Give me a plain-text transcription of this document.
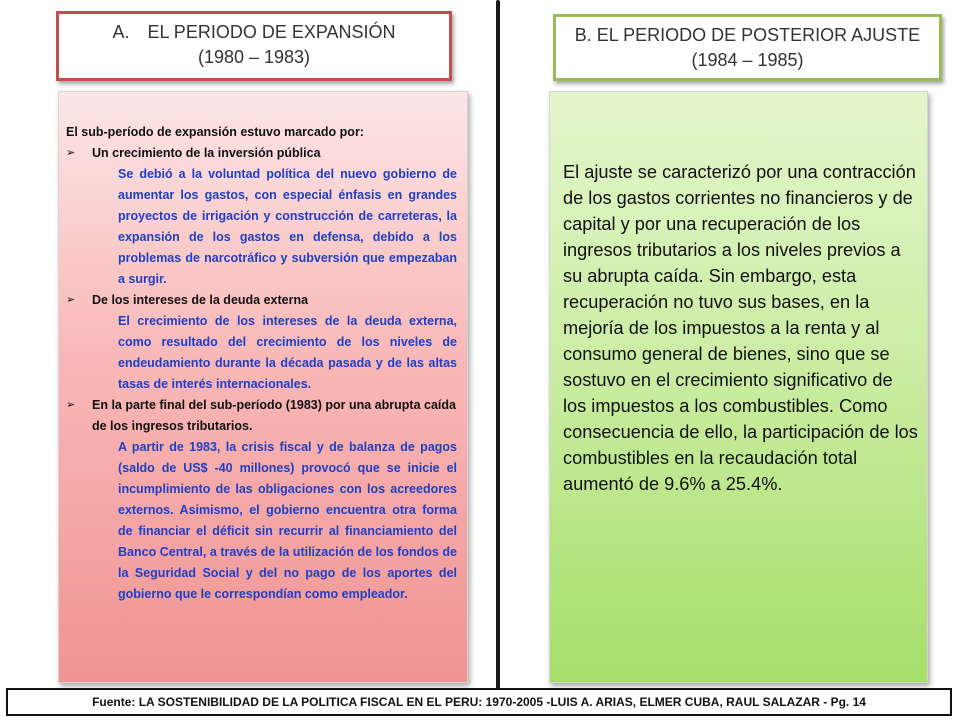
A. EL PERIODO DE EXPANSIÓN
(1980 – 1983)
B. EL PERIODO DE POSTERIOR AJUSTE
(1984 – 1985)
El sub-período de expansión estuvo marcado por:
➢	Un crecimiento de la inversión pública

Se debió a la voluntad política del nuevo gobierno de aumentar los gastos, con especial énfasis en grandes proyectos de irrigación y construcción de carreteras, la expansión de los gastos en defensa, debido a los problemas de narcotráfico y subversión que empezaban a surgir.

➢	De los intereses de la deuda externa

El crecimiento de los intereses de la deuda externa, como resultado del crecimiento de los niveles de endeudamiento durante la década pasada y de las altas tasas de interés internacionales.

➢	En la parte final del sub-período (1983) por una abrupta caída de los ingresos tributarios.

A partir de 1983, la crisis fiscal y de balanza de pagos (saldo de US$ -40 millones) provocó que se inicie el incumplimiento de las obligaciones con los acreedores externos. Asimismo, el gobierno encuentra otra forma de financiar el déficit sin recurrir al financiamiento del Banco Central, a través de la utilización de los fondos de la Seguridad Social y del no pago de los aportes del gobierno que le correspondían como empleador.

El ajuste se caracterizó por una contracción de los gastos corrientes no financieros y de capital y por una recuperación de los ingresos tributarios a los niveles previos a su abrupta caída. Sin embargo, esta recuperación no tuvo sus bases, en la mejoría de los impuestos a la renta y al consumo general de bienes, sino que se sostuvo en el crecimiento significativo de los impuestos a los combustibles. Como consecuencia de ello, la participación de los combustibles en la recaudación total aumentó de 9.6% a 25.4%.
Fuente: LA SOSTENIBILIDAD DE LA POLITICA FISCAL EN EL PERU: 1970-2005 -LUIS A. ARIAS, ELMER CUBA, RAUL SALAZAR - Pg. 14
